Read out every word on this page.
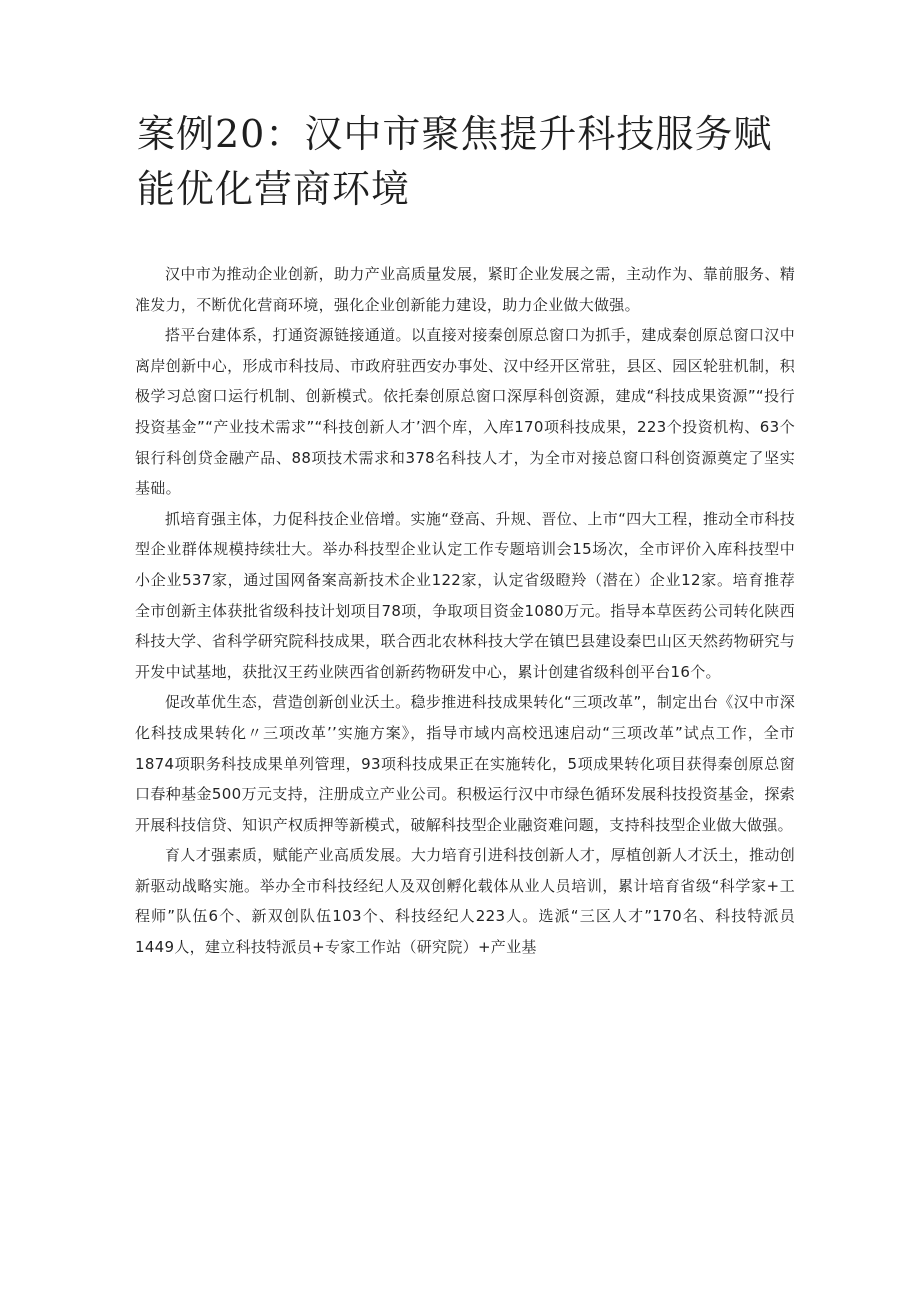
案例20：汉中市聚焦提升科技服务赋能优化营商环境

汉中市为推动企业创新，助力产业高质量发展，紧盯企业发展之需，主动作为、靠前服务、精准发力，不断优化营商环境，强化企业创新能力建设，助力企业做大做强。

搭平台建体系，打通资源链接通道。以直接对接秦创原总窗口为抓手，建成秦创原总窗口汉中离岸创新中心，形成市科技局、市政府驻西安办事处、汉中经开区常驻，县区、园区轮驻机制，积极学习总窗口运行机制、创新模式。依托秦创原总窗口深厚科创资源，建成“科技成果资源”“投行投资基金”“产业技术需求”“科技创新人才’泗个库，入库170项科技成果，223个投资机构、63个银行科创贷金融产品、88项技术需求和378名科技人才，为全市对接总窗口科创资源奠定了坚实基础。

抓培育强主体，力促科技企业倍增。实施“登高、升规、晋位、上市“四大工程，推动全市科技型企业群体规模持续壮大。举办科技型企业认定工作专题培训会15场次，全市评价入库科技型中小企业537家，通过国网备案高新技术企业122家，认定省级瞪羚（潜在）企业12家。培育推荐全市创新主体获批省级科技计划项目78项，争取项目资金1080万元。指导本草医药公司转化陕西科技大学、省科学研究院科技成果，联合西北农林科技大学在镇巴县建设秦巴山区天然药物研究与开发中试基地，获批汉王药业陕西省创新药物研发中心，累计创建省级科创平台16个。

促改革优生态，营造创新创业沃土。稳步推进科技成果转化“三项改革”，制定出台《汉中市深化科技成果转化〃三项改革’’实施方案》，指导市域内高校迅速启动“三项改革”试点工作，全市1874项职务科技成果单列管理，93项科技成果正在实施转化，5项成果转化项目获得秦创原总窗口春种基金500万元支持，注册成立产业公司。积极运行汉中市绿色循环发展科技投资基金，探索开展科技信贷、知识产权质押等新模式，破解科技型企业融资难问题，支持科技型企业做大做强。

育人才强素质，赋能产业高质发展。大力培育引进科技创新人才，厚植创新人才沃土，推动创新驱动战略实施。举办全市科技经纪人及双创孵化载体从业人员培训，累计培育省级“科学家+工程师”队伍6个、新双创队伍103个、科技经纪人223人。选派“三区人才”170名、科技特派员1449人，建立科技特派员+专家工作站（研究院）+产业基
